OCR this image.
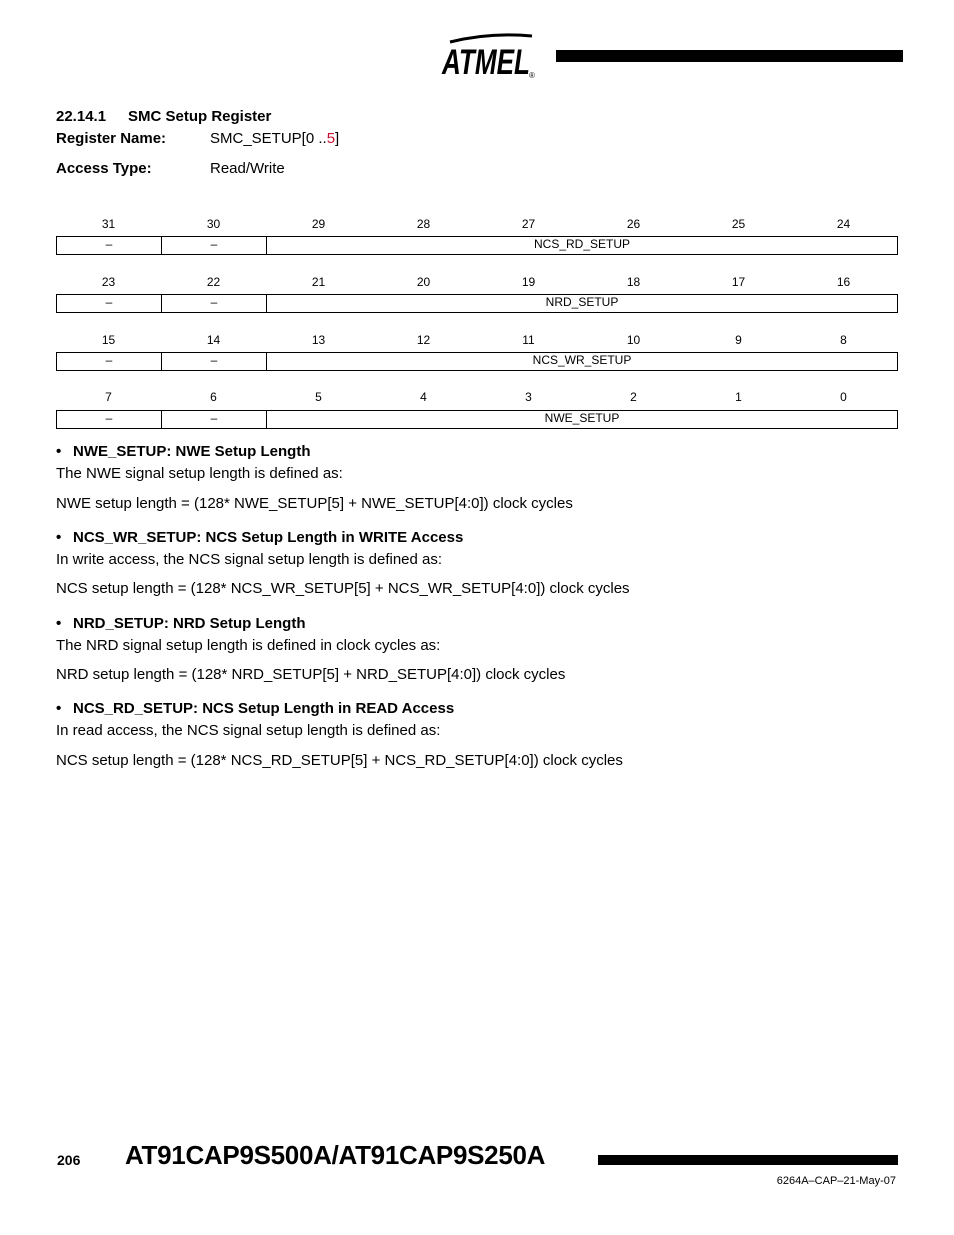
ATMEL ®
22.14.1 SMC Setup Register
Register Name:	SMC_SETUP[0 ..5]
Access Type:	Read/Write
31	30	29	28	27	26	25	24
–	–	NCS_RD_SETUP
23	22	21	20	19	18	17	16
–	–	NRD_SETUP
15	14	13	12	11	10	9	8
–	–	NCS_WR_SETUP
7	6	5	4	3	2	1	0
–	–	NWE_SETUP
• NWE_SETUP: NWE Setup Length
The NWE signal setup length is defined as:
NWE setup length = (128* NWE_SETUP[5] + NWE_SETUP[4:0]) clock cycles
• NCS_WR_SETUP: NCS Setup Length in WRITE Access
In write access, the NCS signal setup length is defined as:
NCS setup length = (128* NCS_WR_SETUP[5] + NCS_WR_SETUP[4:0]) clock cycles
• NRD_SETUP: NRD Setup Length
The NRD signal setup length is defined in clock cycles as:
NRD setup length = (128* NRD_SETUP[5] + NRD_SETUP[4:0]) clock cycles
• NCS_RD_SETUP: NCS Setup Length in READ Access
In read access, the NCS signal setup length is defined as:
NCS setup length = (128* NCS_RD_SETUP[5] + NCS_RD_SETUP[4:0]) clock cycles
206 AT91CAP9S500A/AT91CAP9S250A
6264A–CAP–21-May-07
